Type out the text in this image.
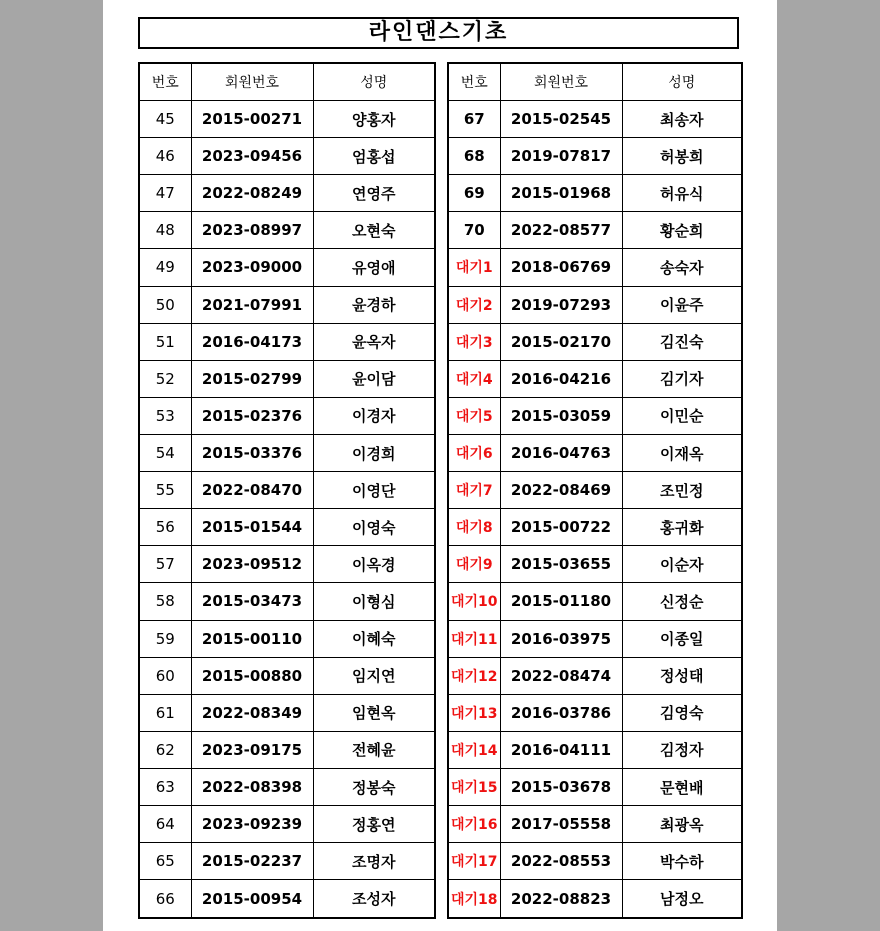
라인댄스기초
번호	회원번호	성명
45	2015-00271	양홍자
46	2023-09456	엄홍섭
47	2022-08249	연영주
48	2023-08997	오현숙
49	2023-09000	유영애
50	2021-07991	윤경하
51	2016-04173	윤옥자
52	2015-02799	윤이담
53	2015-02376	이경자
54	2015-03376	이경희
55	2022-08470	이영단
56	2015-01544	이영숙
57	2023-09512	이옥경
58	2015-03473	이형심
59	2015-00110	이혜숙
60	2015-00880	임지연
61	2022-08349	임현옥
62	2023-09175	전혜윤
63	2022-08398	정봉숙
64	2023-09239	정홍연
65	2015-02237	조명자
66	2015-00954	조성자
번호	회원번호	성명
67	2015-02545	최송자
68	2019-07817	허봉희
69	2015-01968	허유식
70	2022-08577	황순희
대기1	2018-06769	송숙자
대기2	2019-07293	이윤주
대기3	2015-02170	김진숙
대기4	2016-04216	김기자
대기5	2015-03059	이민순
대기6	2016-04763	이재옥
대기7	2022-08469	조민정
대기8	2015-00722	홍귀화
대기9	2015-03655	이순자
대기10	2015-01180	신정순
대기11	2016-03975	이종일
대기12	2022-08474	정성태
대기13	2016-03786	김영숙
대기14	2016-04111	김정자
대기15	2015-03678	문현배
대기16	2017-05558	최광옥
대기17	2022-08553	박수하
대기18	2022-08823	남정오
